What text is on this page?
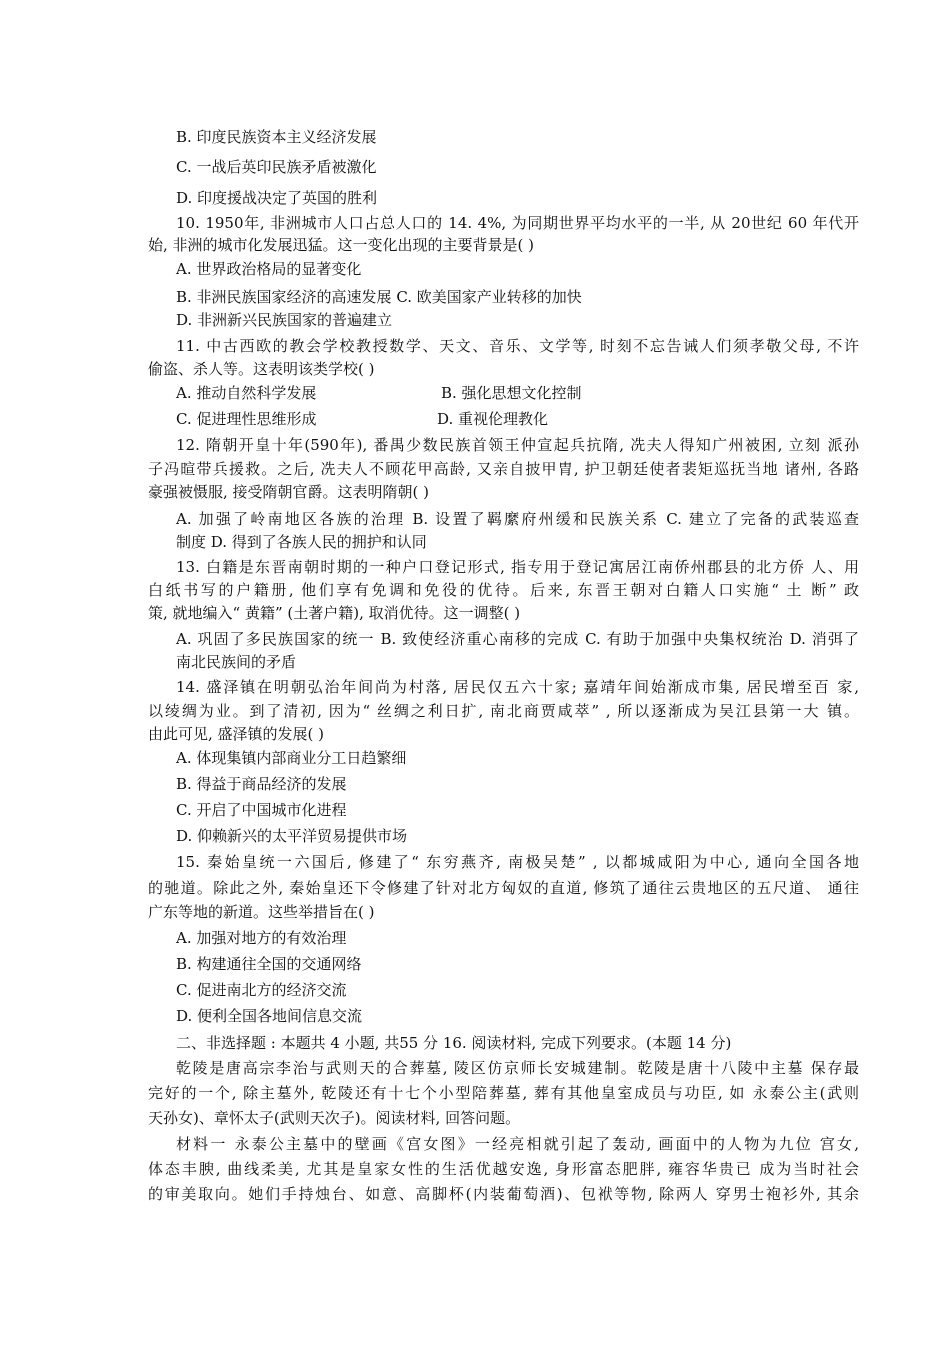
B. 印度民族资本主义经济发展
C. 一战后英印民族矛盾被激化
D. 印度援战决定了英国的胜利
10. 1950年, 非洲城市人口占总人口的 14. 4%, 为同期世界平均水平的一半, 从 20世纪 60 年代开
始, 非洲的城市化发展迅猛。这一变化出现的主要背景是( )
A. 世界政治格局的显著变化
B. 非洲民族国家经济的高速发展 C. 欧美国家产业转移的加快
D. 非洲新兴民族国家的普遍建立
11. 中古西欧的教会学校教授数学、天文、音乐、文学等, 时刻不忘告诫人们须孝敬父母, 不许
偷盗、杀人等。这表明该类学校( )
A. 推动自然科学发展	B. 强化思想文化控制
C. 促进理性思维形成	D. 重视伦理教化
12. 隋朝开皇十年(590年), 番禺少数民族首领王仲宣起兵抗隋, 冼夫人得知广州被困, 立刻 派孙
子冯暄带兵援救。之后, 冼夫人不顾花甲高龄, 又亲自披甲胄, 护卫朝廷使者裴矩巡抚当地 诸州, 各路
豪强被慑服, 接受隋朝官爵。这表明隋朝( )
A. 加强了岭南地区各族的治理 B. 设置了羁縻府州缓和民族关系 C. 建立了完备的武装巡查
制度 D. 得到了各族人民的拥护和认同
13. 白籍是东晋南朝时期的一种户口登记形式, 指专用于登记寓居江南侨州郡县的北方侨 人、用
白纸书写的户籍册, 他们享有免调和免役的优待。后来, 东晋王朝对白籍人口实施“ 土 断” 政
策, 就地编入“ 黄籍” (土著户籍), 取消优待。这一调整( )
A. 巩固了多民族国家的统一 B. 致使经济重心南移的完成 C. 有助于加强中央集权统治 D. 消弭了
南北民族间的矛盾
14. 盛泽镇在明朝弘治年间尚为村落, 居民仅五六十家; 嘉靖年间始渐成市集, 居民增至百 家,
以绫绸为业。到了清初, 因为“ 丝绸之利日扩, 南北商贾咸萃” , 所以逐渐成为吴江县第一大 镇。
由此可见, 盛泽镇的发展( )
A. 体现集镇内部商业分工日趋繁细
B. 得益于商品经济的发展
C. 开启了中国城市化进程
D. 仰赖新兴的太平洋贸易提供市场
15. 秦始皇统一六国后, 修建了“ 东穷燕齐, 南极吴楚” , 以都城咸阳为中心, 通向全国各地
的驰道。除此之外, 秦始皇还下令修建了针对北方匈奴的直道, 修筑了通往云贵地区的五尺道、 通往
广东等地的新道。这些举措旨在( )
A. 加强对地方的有效治理
B. 构建通往全国的交通网络
C. 促进南北方的经济交流
D. 便利全国各地间信息交流
二、非选择题 : 本题共 4 小题, 共55 分 16. 阅读材料, 完成下列要求。(本题 14 分)
乾陵是唐高宗李治与武则天的合葬墓, 陵区仿京师长安城建制。乾陵是唐十八陵中主墓 保存最
完好的一个, 除主墓外, 乾陵还有十七个小型陪葬墓, 葬有其他皇室成员与功臣, 如 永泰公主(武则
天孙女)、章怀太子(武则天次子)。阅读材料, 回答问题。
材料一 永泰公主墓中的壁画《宫女图》一经亮相就引起了轰动, 画面中的人物为九位 宫女,
体态丰腴, 曲线柔美, 尤其是皇家女性的生活优越安逸, 身形富态肥胖, 雍容华贵已 成为当时社会
的审美取向。她们手持烛台、如意、高脚杯(内装葡萄酒)、包袱等物, 除两人 穿男士袍衫外, 其余
